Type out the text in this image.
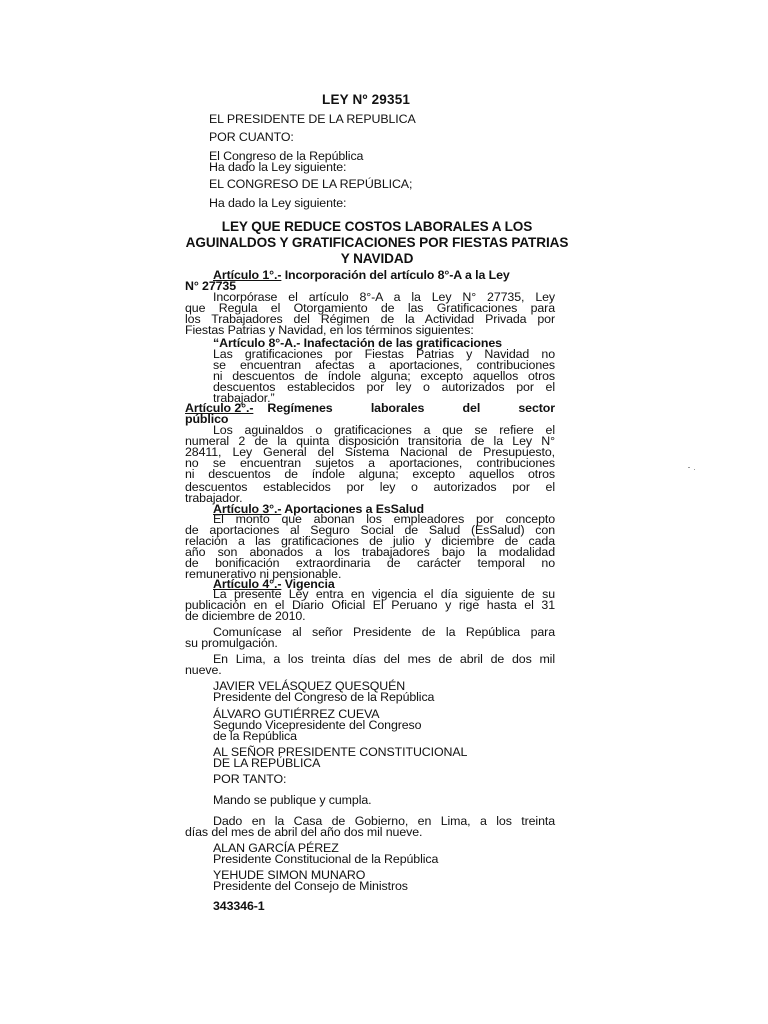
LEY Nº 29351
EL PRESIDENTE DE LA REPUBLICA
POR CUANTO:
El Congreso de la República
Ha dado la Ley siguiente:
EL CONGRESO DE LA REPÚBLICA;
Ha dado la Ley siguiente:
LEY QUE REDUCE COSTOS LABORALES A LOS AGUINALDOS Y GRATIFICACIONES POR FIESTAS PATRIAS Y NAVIDAD
Artículo 1°.- Incorporación del artículo 8°-A a la Ley
N° 27735
Incorpórase el artículo 8°-A a la Ley N° 27735, Ley
que Regula el Otorgamiento de las Gratificaciones para
los Trabajadores del Régimen de la Actividad Privada por
Fiestas Patrias y Navidad, en los términos siguientes:
“Artículo 8°-A.- Inafectación de las gratificaciones
Las gratificaciones por Fiestas Patrias y Navidad no
se encuentran afectas a aportaciones, contribuciones
ni descuentos de índole alguna; excepto aquellos otros
descuentos establecidos por ley o autorizados por el
trabajador.”
Artículo 2°.- Regímenes laborales del sector
público
Los aguinaldos o gratificaciones a que se refiere el
numeral 2 de la quinta disposición transitoria de la Ley N°
28411, Ley General del Sistema Nacional de Presupuesto,
no se encuentran sujetos a aportaciones, contribuciones
ni descuentos de índole alguna; excepto aquellos otros
descuentos establecidos por ley o autorizados por el
trabajador.
Artículo 3°.- Aportaciones a EsSalud
El monto que abonan los empleadores por concepto
de aportaciones al Seguro Social de Salud (EsSalud) con
relación a las gratificaciones de julio y diciembre de cada
año son abonados a los trabajadores bajo la modalidad
de bonificación extraordinaria de carácter temporal no
remunerativo ni pensionable.
Artículo 4°.- Vigencia
La presente Ley entra en vigencia el día siguiente de su
publicación en el Diario Oficial El Peruano y rige hasta el 31
de diciembre de 2010.
Comunícase al señor Presidente de la República para
su promulgación.
En Lima, a los treinta días del mes de abril de dos mil
nueve.
JAVIER VELÁSQUEZ QUESQUÉN
Presidente del Congreso de la República
ÁLVARO GUTIÉRREZ CUEVA
Segundo Vicepresidente del Congreso
de la República
AL SEÑOR PRESIDENTE CONSTITUCIONAL
DE LA REPÚBLICA
POR TANTO:
Mando se publique y cumpla.
Dado en la Casa de Gobierno, en Lima, a los treinta
días del mes de abril del año dos mil nueve.
ALAN GARCÍA PÉREZ
Presidente Constitucional de la República
YEHUDE SIMON MUNARO
Presidente del Consejo de Ministros
343346-1
